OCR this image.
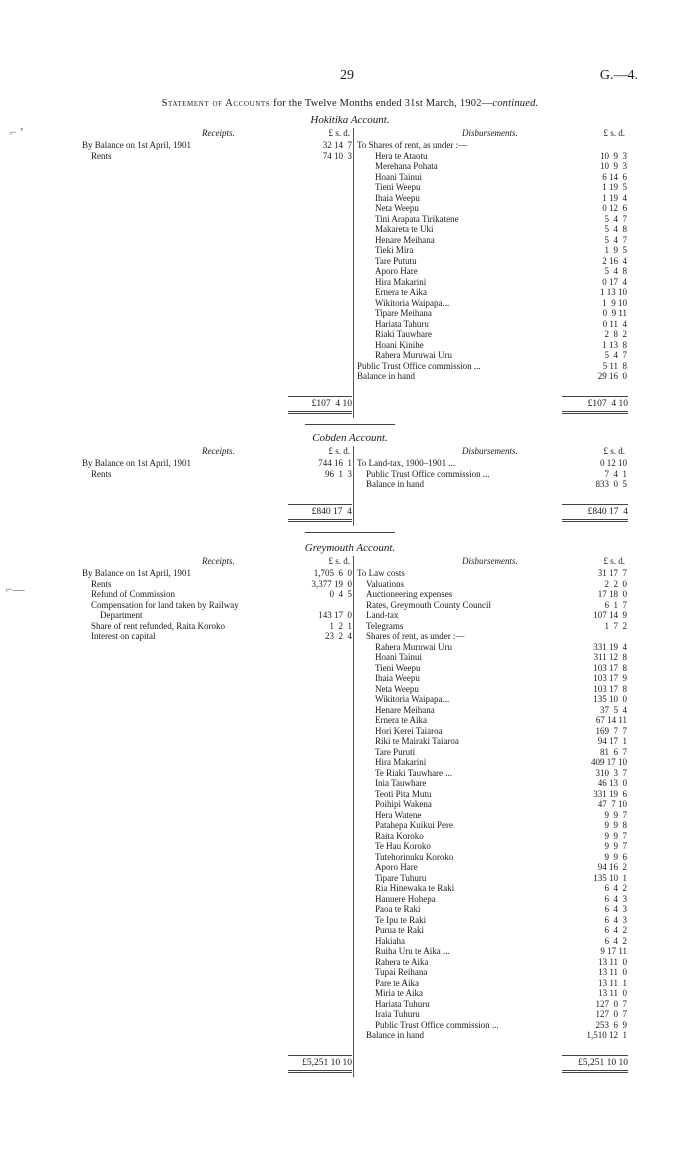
29	G.—4.
Statement of Accounts for the Twelve Months ended 31st March, 1902—continued.
⌐ ʼ
⌐—
Hokitika Account.
Receipts.	£ s. d.
By Balance on 1st April, 1901	32 14  7
Rents	74 10  3
Disbursements.	£ s. d.
To Shares of rent, as under :—
Hera te Ataotu	10  9  3
Merehana Pohata	10  9  3
Hoani Tainui	6 14  6
Tieni Weepu	1 19  5
Ihaia Weepu	1 19  4
Neta Weepu	0 12  6
Tini Arapata Tirikatene	5  4  7
Makareta te Uki	5  4  8
Henare Meihana	5  4  7
Tieki Mira	1  9  5
Tare Pututu	2 16  4
Aporo Hare	5  4  8
Hira Makarini	0 17  4
Ernera te Aika	1 13 10
Wikitoria Waipapa...	1  9 10
Tipare Meihana	0  9 11
Hariata Tahuru	0 11  4
Riaki Tauwhare	2  8  2
Hoani Kinihe	1 13  8
Rahera Muruwai Uru	5  4  7
Public Trust Office commission ...	5 11  8
Balance in hand	29 16  0
£107  4 10	£107  4 10
Cobden Account.
Receipts.	£ s. d.
By Balance on 1st April, 1901	744 16  1
Rents	96  1  3
Disbursements.	£ s. d.
To Land-tax, 1900–1901 ...	0 12 10
Public Trust Office commission ...	7  4  1
Balance in hand	833  0  5
£840 17  4	£840 17  4
Greymouth Account.
Receipts.	£ s. d.
By Balance on 1st April, 1901	1,705  6  0
Rents	3,377 19  0
Refund of Commission	0  4  5
Compensation for land taken by Railway
Department	143 17  0
Share of rent refunded, Raita Koroko	1  2  1
Interest on capital	23  2  4
Disbursements.	£ s. d.
To Law costs	31 17  7
Valuations	2  2  0
Auctioneering expenses	17 18  0
Rates, Greymouth County Council	6  1  7
Land-tax	107 14  9
Telegrams	1  7  2
Shares of rent, as under :—
Rahera Muruwai Uru	331 19  4
Hoani Tainui	311 12  8
Tieni Weepu	103 17  8
Ihaia Weepu	103 17  9
Neta Weepu	103 17  8
Wikitoria Waipapa...	135 10  0
Henare Meihana	37  5  4
Ernera te Aika	67 14 11
Hori Kerei Taiaroa	169  7  7
Riki te Mairaki Taiaroa	94 17  1
Tare Puruti	81  6  7
Hira Makarini	409 17 10
Te Riaki Tauwhare ...	310  3  7
Inia Tauwhare	46 13  0
Teoti Pita Mutu	331 19  6
Poihipi Wakena	47  7 10
Hera Watene	9  9  7
Patahepa Kuikui Pere	9  9  8
Raita Koroko	9  9  7
Te Hau Koroko	9  9  7
Tutehorinuku Koroko	9  9  6
Aporo Hare	94 16  2
Tipare Tuhuru	135 10  1
Ria Hinewaka te Raki	6  4  2
Hanuere Hohepa	6  4  3
Paoa te Raki	6  4  3
Te Ipu te Raki	6  4  3
Purua te Raki	6  4  2
Hakiaha	6  4  2
Ruiha Uru te Aika ...	9 17 11
Rahera te Aika	13 11  0
Tupai Reihana	13 11  0
Pare te Aika	13 11  1
Miria te Aika	13 11  0
Hariata Tuhuru	127  0  7
Iraia Tuhuru	127  0  7
Public Trust Office commission ...	253  6  9
Balance in hand	1,510 12  1
£5,251 10 10	£5,251 10 10
